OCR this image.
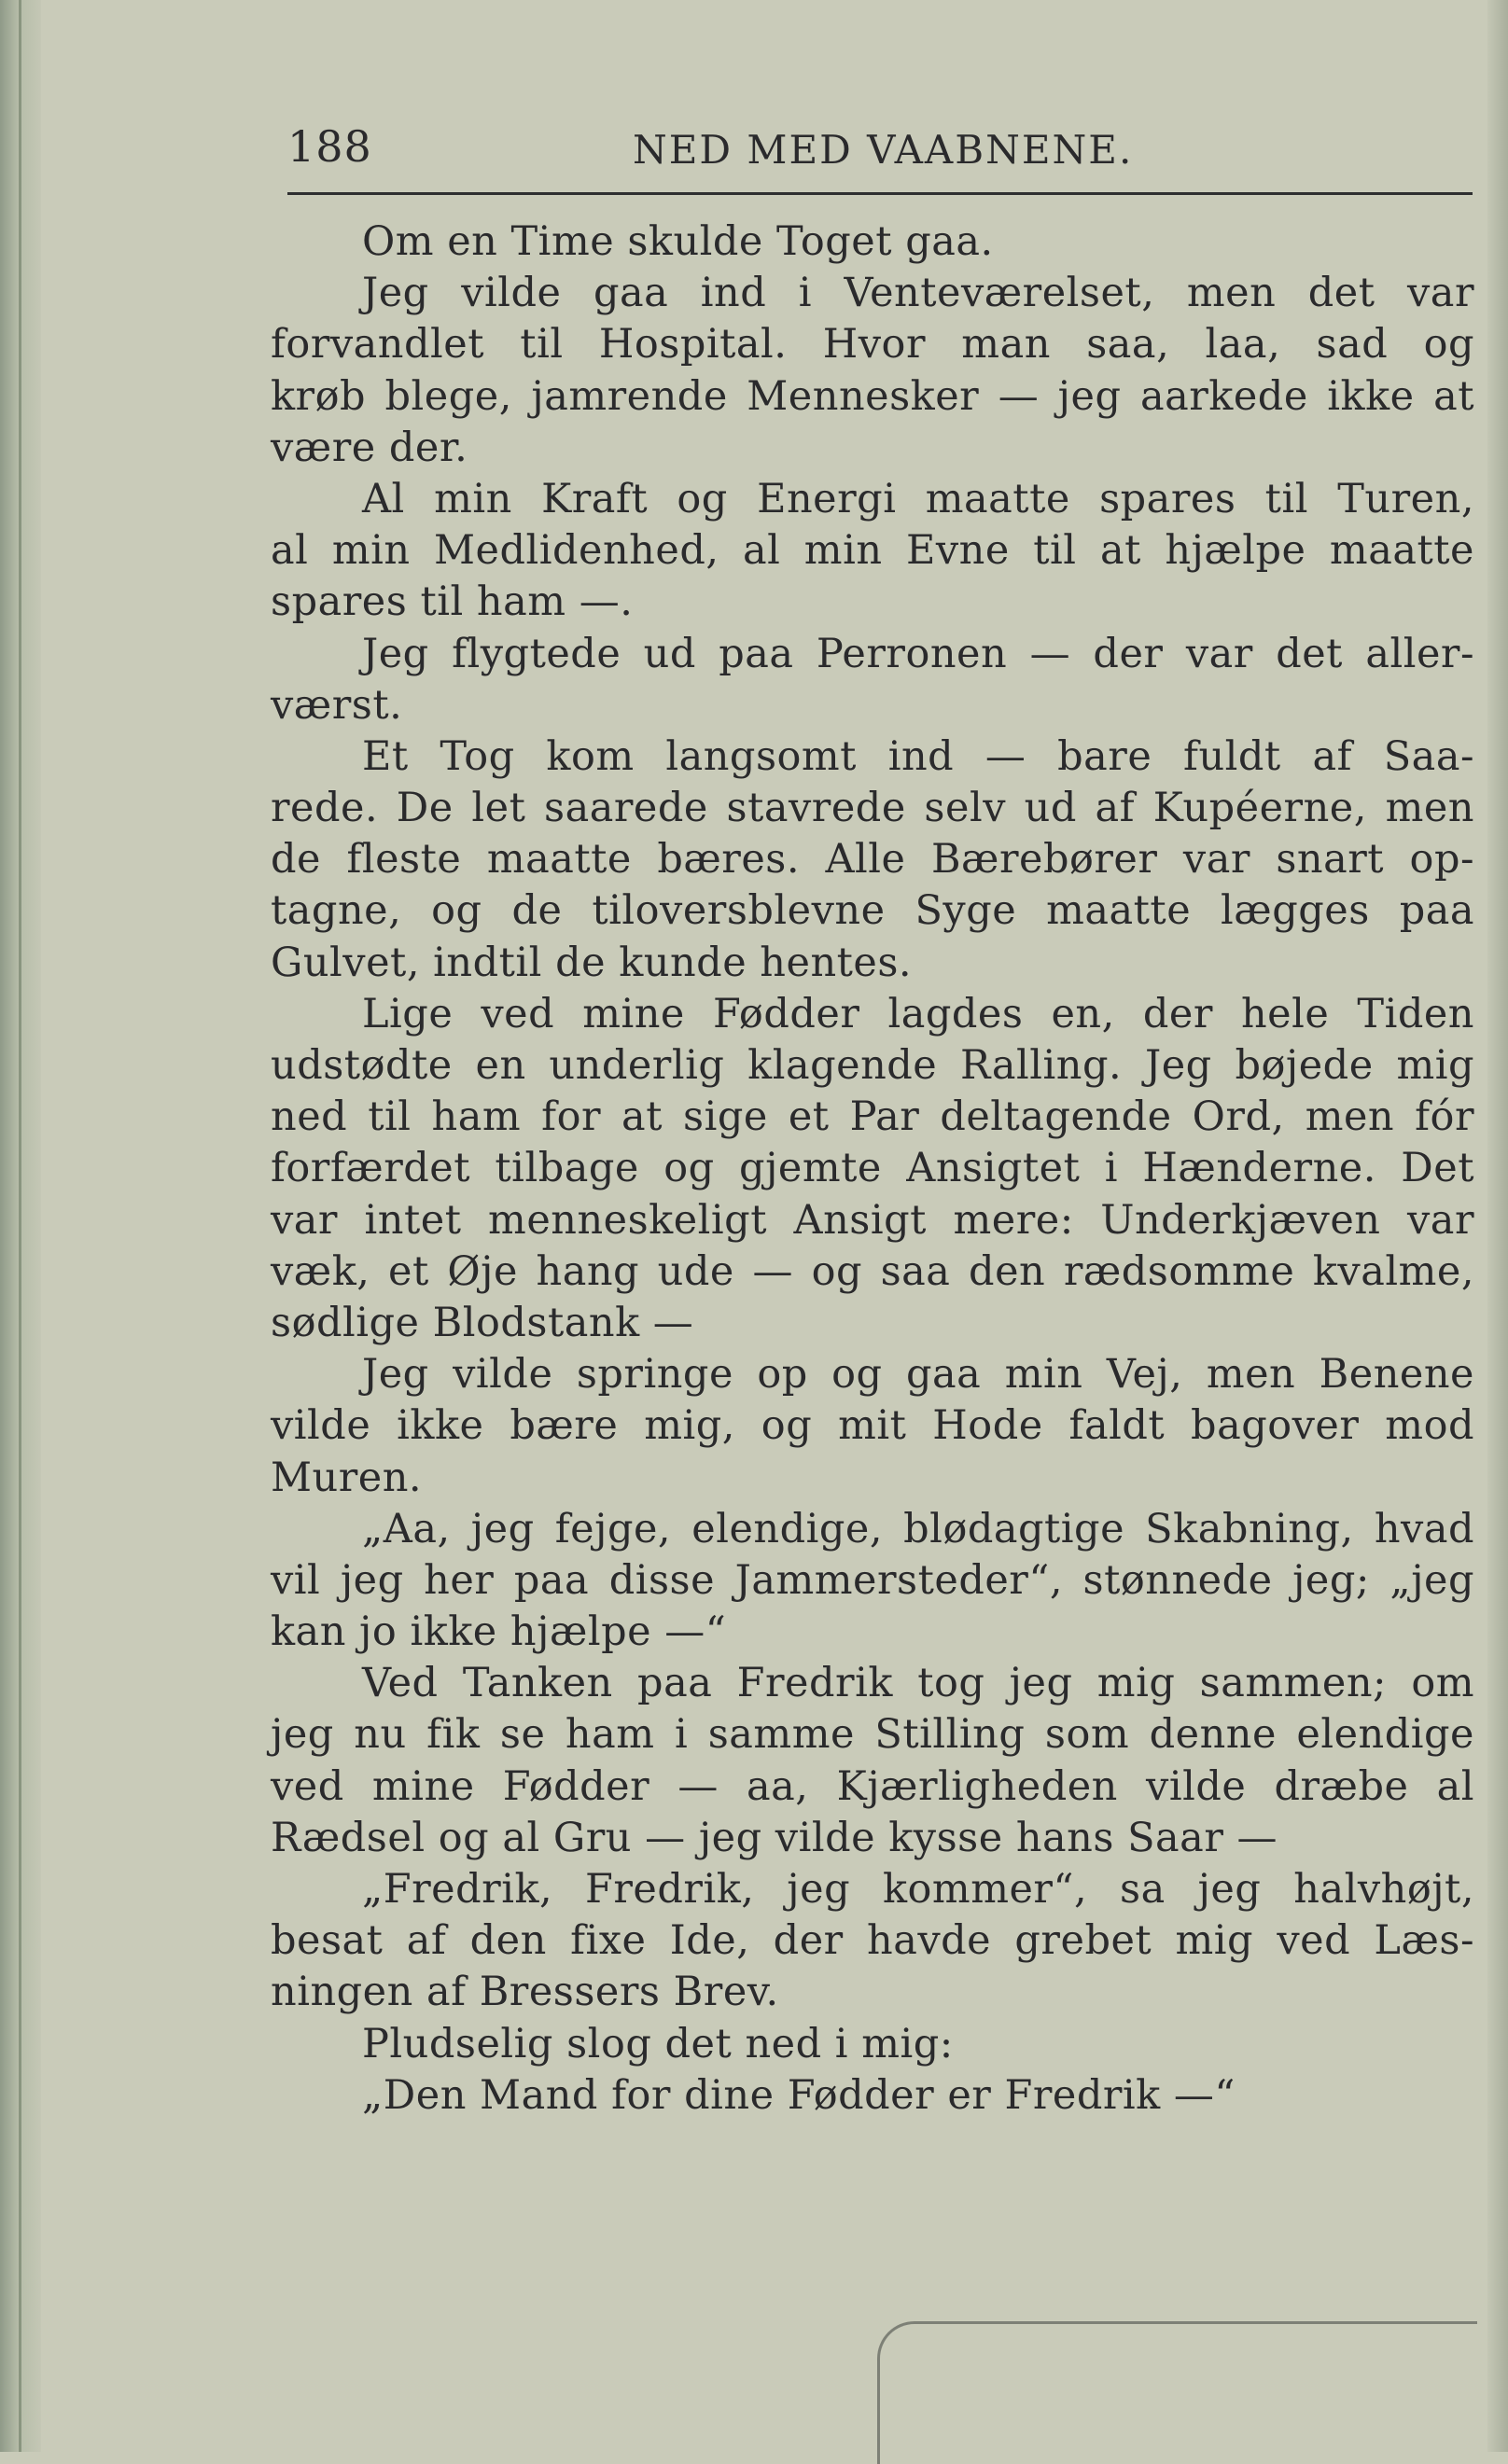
188	NED MED VAABNENE.
Om en Time skulde Toget gaa.
Jeg vilde gaa ind i Venteværelset, men det var
forvandlet til Hospital. Hvor man saa, laa, sad og
krøb blege, jamrende Mennesker — jeg aarkede ikke at
være der.
Al min Kraft og Energi maatte spares til Turen,
al min Medlidenhed, al min Evne til at hjælpe maatte
spares til ham —.
Jeg flygtede ud paa Perronen — der var det aller-
værst.
Et Tog kom langsomt ind — bare fuldt af Saa-
rede. De let saarede stavrede selv ud af Kupéerne, men
de fleste maatte bæres. Alle Bærebører var snart op-
tagne, og de tiloversblevne Syge maatte lægges paa
Gulvet, indtil de kunde hentes.
Lige ved mine Fødder lagdes en, der hele Tiden
udstødte en underlig klagende Ralling. Jeg bøjede mig
ned til ham for at sige et Par deltagende Ord, men fór
forfærdet tilbage og gjemte Ansigtet i Hænderne. Det
var intet menneskeligt Ansigt mere: Underkjæven var
væk, et Øje hang ude — og saa den rædsomme kvalme,
sødlige Blodstank —
Jeg vilde springe op og gaa min Vej, men Benene
vilde ikke bære mig, og mit Hode faldt bagover mod
Muren.
„Aa, jeg fejge, elendige, blødagtige Skabning, hvad
vil jeg her paa disse Jammersteder“, stønnede jeg; „jeg
kan jo ikke hjælpe —“
Ved Tanken paa Fredrik tog jeg mig sammen; om
jeg nu fik se ham i samme Stilling som denne elendige
ved mine Fødder — aa, Kjærligheden vilde dræbe al
Rædsel og al Gru — jeg vilde kysse hans Saar —
„Fredrik, Fredrik, jeg kommer“, sa jeg halvhøjt,
besat af den fixe Ide, der havde grebet mig ved Læs-
ningen af Bressers Brev.
Pludselig slog det ned i mig:
„Den Mand for dine Fødder er Fredrik —“
